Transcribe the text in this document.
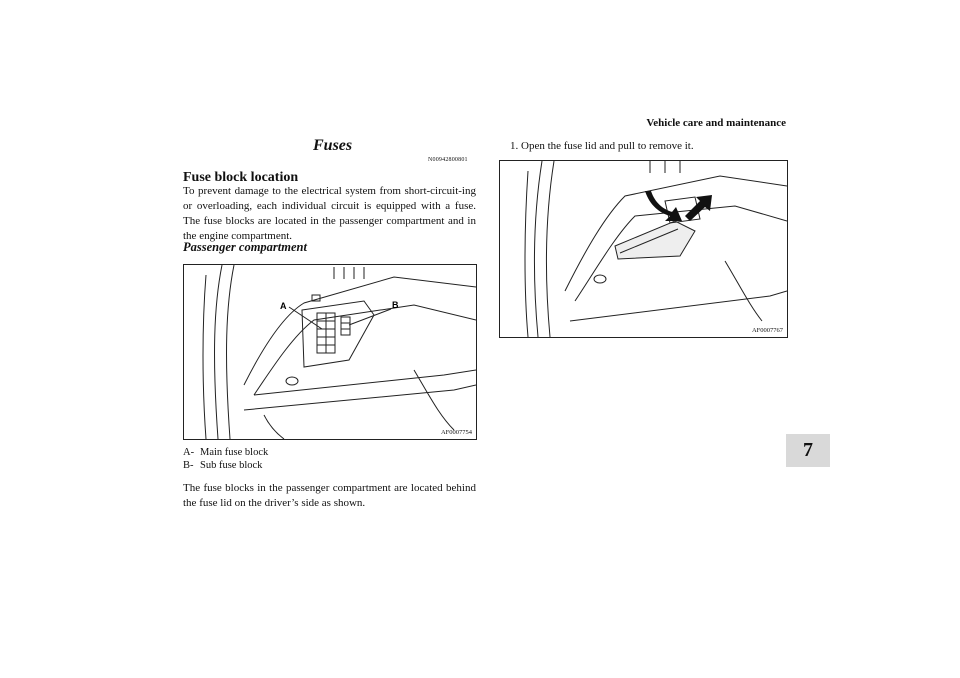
Vehicle care and maintenance
7
Fuses
N00942800801
Fuse block location
To prevent damage to the electrical system from short-circuit-ing or overloading, each individual circuit is equipped with a fuse. The fuse blocks are located in the passenger compartment and in the engine compartment.
Passenger compartment
A	B
AF0007754
A- Main fuse block
B- Sub fuse block
The fuse blocks in the passenger compartment are located behind the fuse lid on the driver’s side as shown.
1. Open the fuse lid and pull to remove it.
AF0007767
